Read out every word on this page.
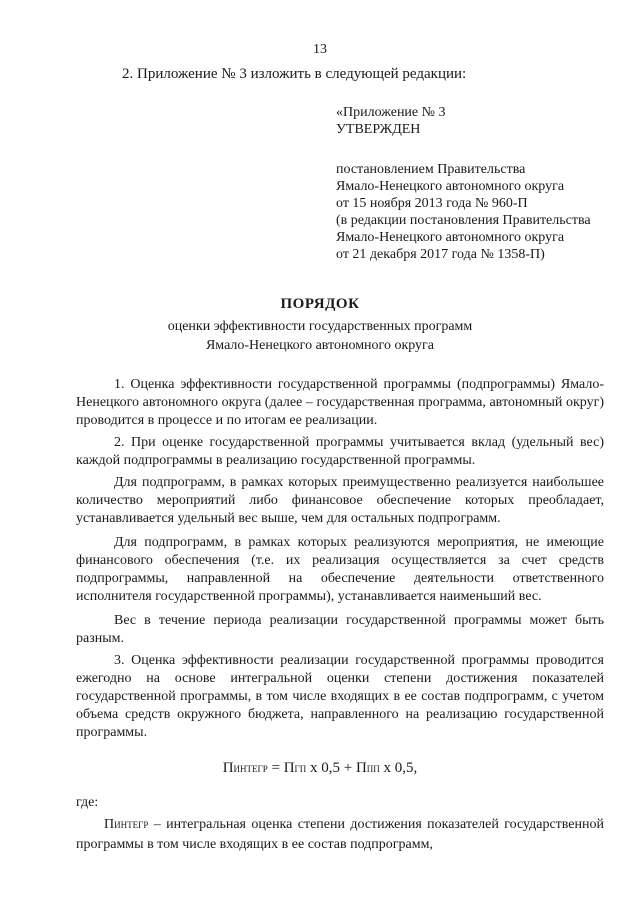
13
2. Приложение № 3 изложить в следующей редакции:
«Приложение № 3
УТВЕРЖДЕН
постановлением Правительства
Ямало-Ненецкого автономного округа
от 15 ноября 2013 года № 960-П
(в редакции постановления Правительства
Ямало-Ненецкого автономного округа
от 21 декабря 2017 года № 1358-П)
ПОРЯДОК
оценки эффективности государственных программ
Ямало-Ненецкого автономного округа

1. Оценка эффективности государственной программы (подпрограммы) Ямало-Ненецкого автономного округа (далее – государственная программа, автономный округ) проводится в процессе и по итогам ее реализации.

2. При оценке государственной программы учитывается вклад (удельный вес) каждой подпрограммы в реализацию государственной программы.

Для подпрограмм, в рамках которых преимущественно реализуется наибольшее количество мероприятий либо финансовое обеспечение которых преобладает, устанавливается удельный вес выше, чем для остальных подпрограмм.

Для подпрограмм, в рамках которых реализуются мероприятия, не имеющие финансового обеспечения (т.е. их реализация осуществляется за счет средств подпрограммы, направленной на обеспечение деятельности ответственного исполнителя государственной программы), устанавливается наименьший вес.

Вес в течение периода реализации государственной программы может быть разным.

3. Оценка эффективности реализации государственной программы проводится ежегодно на основе интегральной оценки степени достижения показателей государственной программы, в том числе входящих в ее состав подпрограмм, с учетом объема средств окружного бюджета, направленного на реализацию государственной программы.

ПИНТЕГР = ПГП х 0,5 + ППП х 0,5,
где:
ПИНТЕГР – интегральная оценка степени достижения показателей государственной программы в том числе входящих в ее состав подпрограмм,
